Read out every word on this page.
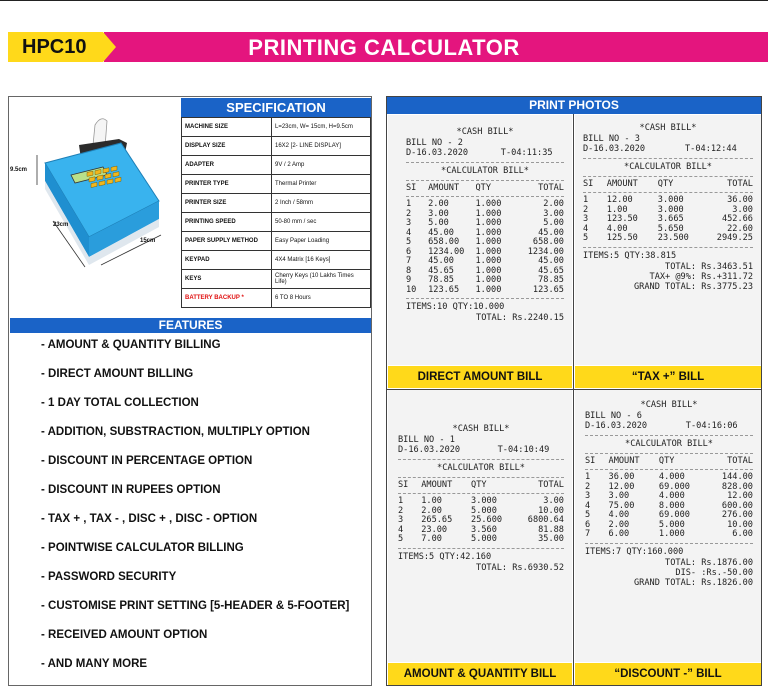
HPC10	PRINTING CALCULATOR
9.5cm
23cm
15cm
SPECIFICATION
MACHINE SIZE	L=23cm, W= 15cm, H=9.5cm
DISPLAY SIZE	16X2 [2- LINE DISPLAY]
ADAPTER	9V / 2 Amp
PRINTER TYPE	Thermal Printer
PRINTER SIZE	2 Inch / 58mm
PRINTING SPEED	50-80 mm / sec
PAPER SUPPLY METHOD	Easy Paper Loading
KEYPAD	4X4 Matrix [16 Keys]
KEYS	Cherry Keys (10 Lakhs Times Life)
BATTERY BACKUP *	6 TO 8 Hours
FEATURES
- AMOUNT & QUANTITY BILLING
- DIRECT AMOUNT BILLING
- 1 DAY TOTAL COLLECTION
- ADDITION, SUBSTRACTION, MULTIPLY OPTION
- DISCOUNT IN PERCENTAGE OPTION
- DISCOUNT IN RUPEES OPTION
- TAX + , TAX - , DISC + , DISC - OPTION
- POINTWISE CALCULATOR BILLING
- PASSWORD SECURITY
- CUSTOMISE PRINT SETTING [5-HEADER & 5-FOOTER]
- RECEIVED AMOUNT OPTION
- AND MANY MORE
PRINT PHOTOS
*CASH BILL*
BILL NO - 2
D-16.03.2020	T-04:11:35
*CALCULATOR BILL*
SI	AMOUNT	QTY	TOTAL
1	2.00	1.000	2.00
2	3.00	1.000	3.00
3	5.00	1.000	5.00
4	45.00	1.000	45.00
5	658.00	1.000	658.00
6	1234.00	1.000	1234.00
7	45.00	1.000	45.00
8	45.65	1.000	45.65
9	78.85	1.000	78.85
10	123.65	1.000	123.65
ITEMS:10 QTY:10.000
TOTAL: Rs.2240.15
DIRECT AMOUNT BILL
*CASH BILL*
BILL NO - 3
D-16.03.2020	T-04:12:44
*CALCULATOR BILL*
SI	AMOUNT	QTY	TOTAL
1	12.00	3.000	36.00
2	1.00	3.000	3.00
3	123.50	3.665	452.66
4	4.00	5.650	22.60
5	125.50	23.500	2949.25
ITEMS:5 QTY:38.815
TOTAL: Rs.3463.51
TAX+ @9%: Rs.+311.72
GRAND TOTAL: Rs.3775.23
“TAX +” BILL
*CASH BILL*
BILL NO - 1
D-16.03.2020	T-04:10:49
*CALCULATOR BILL*
SI	AMOUNT	QTY	TOTAL
1	1.00	3.000	3.00
2	2.00	5.000	10.00
3	265.65	25.600	6800.64
4	23.00	3.560	81.88
5	7.00	5.000	35.00
ITEMS:5 QTY:42.160
TOTAL: Rs.6930.52
AMOUNT & QUANTITY BILL
*CASH BILL*
BILL NO - 6
D-16.03.2020	T-04:16:06
*CALCULATOR BILL*
SI	AMOUNT	QTY	TOTAL
1	36.00	4.000	144.00
2	12.00	69.000	828.00
3	3.00	4.000	12.00
4	75.00	8.000	600.00
5	4.00	69.000	276.00
6	2.00	5.000	10.00
7	6.00	1.000	6.00
ITEMS:7 QTY:160.000
TOTAL: Rs.1876.00
DIS- :Rs.-50.00
GRAND TOTAL: Rs.1826.00
“DISCOUNT -” BILL
